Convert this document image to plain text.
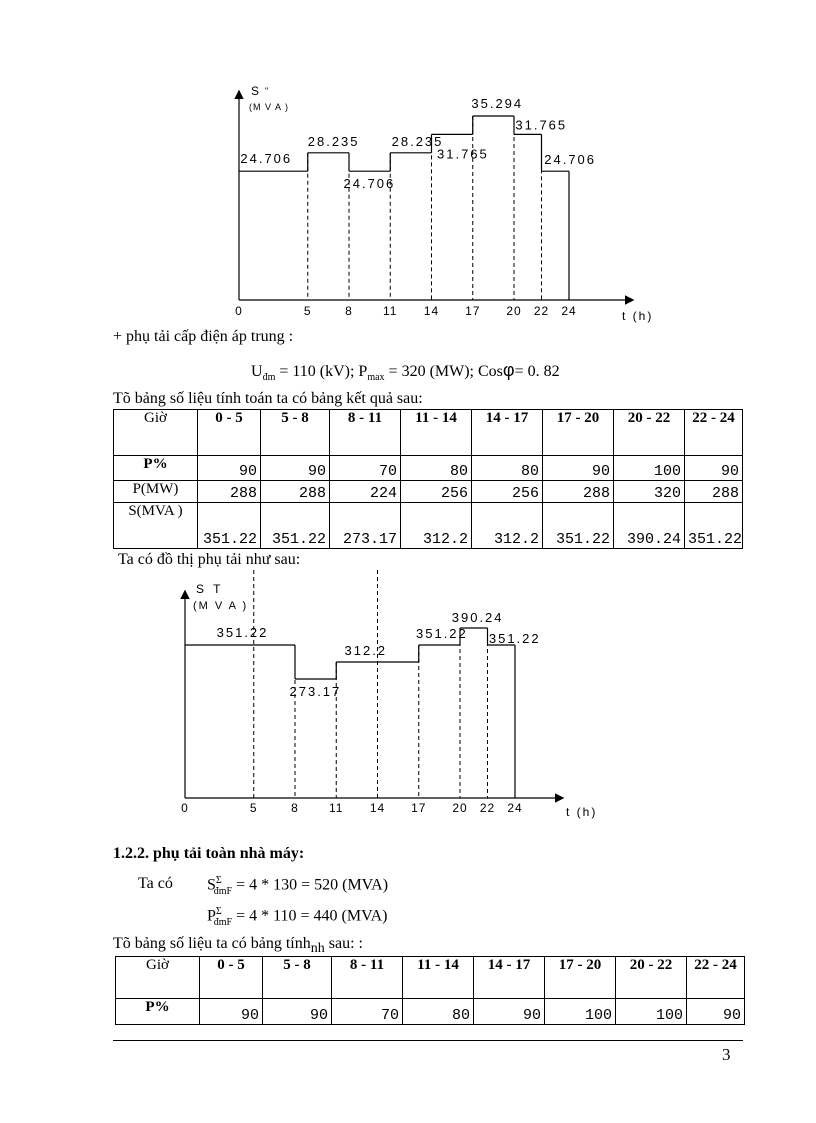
S "
(M V A )
t (h)
0	5	8	11 14 17 20 22 24
24.706
28.235
24.706
28.235
31.765
35.294
31.765
24.706
+ phụ tải cấp điện áp trung :
$U_{đm} = 110$ (kV); $P_{max} = 320$ (MW); Cosφ= 0. 82
Tõ bảng số liệu tính toán ta có bảng kết quả sau:
Giờ	0 - 5	5 - 8	8 - 11	11 - 14	14 - 17	17 - 20	20 - 22	22 - 24
P%	90	90	70	80	80	90	100	90
P(MW)	288	288	224	256	256	288	320	288
S(MVA )	351.22	351.22	273.17	312.2	312.2	351.22	390.24	351.22
Ta có đồ thị phụ tải như sau:
S T
(M V A )
t (h)
0	5	8	11 14 17 20 22 24
351.22
273.17
312.2
351.22
390.24
351.22
1.2.2. phụ tải toàn nhà máy:
Ta có $S^\Sigma_{đmF} = 4 * 130 = 520$ (MVA)
$P^\Sigma_{đmF} = 4 * 110 = 440$ (MVA)
Tõ bảng số liệu ta có bảng tính$_{nh}$ sau: :
Giờ	0 - 5	5 - 8	8 - 11	11 - 14	14 - 17	17 - 20	20 - 22	22 - 24
P%	90	90	70	80	90	100	100	90
3
